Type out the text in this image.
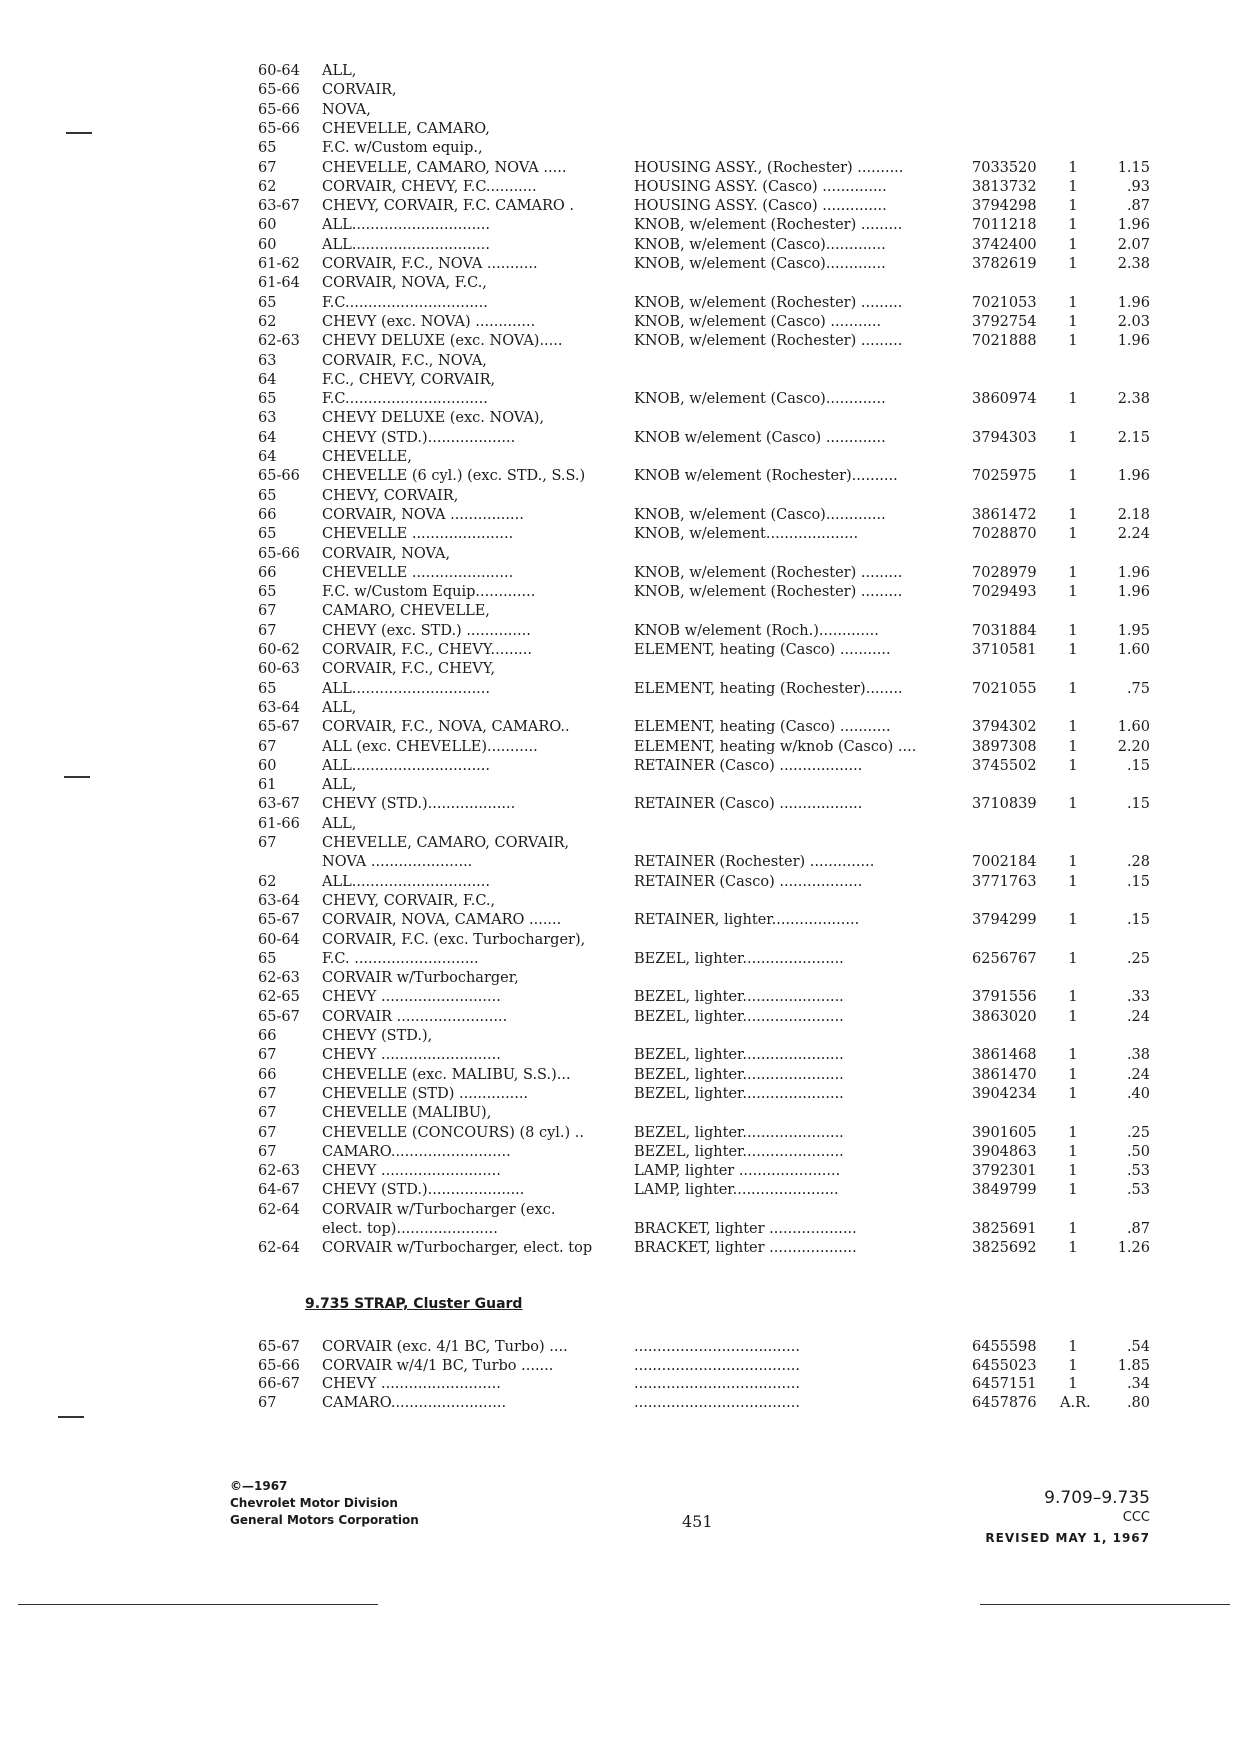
60-64	ALL,
65-66	CORVAIR,
65-66	NOVA,
65-66	CHEVELLE, CAMARO,
65	F.C. w/Custom equip.,
67	CHEVELLE, CAMARO, NOVA .....	HOUSING ASSY., (Rochester) ..........	7033520	1	1.15
62	CORVAIR, CHEVY, F.C...........	HOUSING ASSY. (Casco) ..............	3813732	1	.93
63-67	CHEVY, CORVAIR, F.C. CAMARO .	HOUSING ASSY. (Casco) ..............	3794298	1	.87
60	ALL..............................	KNOB, w/element (Rochester) .........	7011218	1	1.96
60	ALL..............................	KNOB, w/element (Casco).............	3742400	1	2.07
61-62	CORVAIR, F.C., NOVA ...........	KNOB, w/element (Casco).............	3782619	1	2.38
61-64	CORVAIR, NOVA, F.C.,
65	F.C...............................	KNOB, w/element (Rochester) .........	7021053	1	1.96
62	CHEVY (exc. NOVA) .............	KNOB, w/element (Casco) ...........	3792754	1	2.03
62-63	CHEVY DELUXE (exc. NOVA).....	KNOB, w/element (Rochester) .........	7021888	1	1.96
63	CORVAIR, F.C., NOVA,
64	F.C., CHEVY, CORVAIR,
65	F.C...............................	KNOB, w/element (Casco).............	3860974	1	2.38
63	CHEVY DELUXE (exc. NOVA),
64	CHEVY (STD.)...................	KNOB w/element (Casco) .............	3794303	1	2.15
64	CHEVELLE,
65-66	CHEVELLE (6 cyl.) (exc. STD., S.S.)	KNOB w/element (Rochester)..........	7025975	1	1.96
65	CHEVY, CORVAIR,
66	CORVAIR, NOVA ................	KNOB, w/element (Casco).............	3861472	1	2.18
65	CHEVELLE ......................	KNOB, w/element....................	7028870	1	2.24
65-66	CORVAIR, NOVA,
66	CHEVELLE ......................	KNOB, w/element (Rochester) .........	7028979	1	1.96
65	F.C. w/Custom Equip.............	KNOB, w/element (Rochester) .........	7029493	1	1.96
67	CAMARO, CHEVELLE,
67	CHEVY (exc. STD.) ..............	KNOB w/element (Roch.).............	7031884	1	1.95
60-62	CORVAIR, F.C., CHEVY.........	ELEMENT, heating (Casco) ...........	3710581	1	1.60
60-63	CORVAIR, F.C., CHEVY,
65	ALL..............................	ELEMENT, heating (Rochester)........	7021055	1	.75
63-64	ALL,
65-67	CORVAIR, F.C., NOVA, CAMARO..	ELEMENT, heating (Casco) ...........	3794302	1	1.60
67	ALL (exc. CHEVELLE)...........	ELEMENT, heating w/knob (Casco) ....	3897308	1	2.20
60	ALL..............................	RETAINER (Casco) ..................	3745502	1	.15
61	ALL,
63-67	CHEVY (STD.)...................	RETAINER (Casco) ..................	3710839	1	.15
61-66	ALL,
67	CHEVELLE, CAMARO, CORVAIR,
NOVA ......................	RETAINER (Rochester) ..............	7002184	1	.28
62	ALL..............................	RETAINER (Casco) ..................	3771763	1	.15
63-64	CHEVY, CORVAIR, F.C.,
65-67	CORVAIR, NOVA, CAMARO .......	RETAINER, lighter...................	3794299	1	.15
60-64	CORVAIR, F.C. (exc. Turbocharger),
65	F.C. ...........................	BEZEL, lighter......................	6256767	1	.25
62-63	CORVAIR w/Turbocharger,
62-65	CHEVY ..........................	BEZEL, lighter......................	3791556	1	.33
65-67	CORVAIR ........................	BEZEL, lighter......................	3863020	1	.24
66	CHEVY (STD.),
67	CHEVY ..........................	BEZEL, lighter......................	3861468	1	.38
66	CHEVELLE (exc. MALIBU, S.S.)...	BEZEL, lighter......................	3861470	1	.24
67	CHEVELLE (STD) ...............	BEZEL, lighter......................	3904234	1	.40
67	CHEVELLE (MALIBU),
67	CHEVELLE (CONCOURS) (8 cyl.) ..	BEZEL, lighter......................	3901605	1	.25
67	CAMARO..........................	BEZEL, lighter......................	3904863	1	.50
62-63	CHEVY ..........................	LAMP, lighter ......................	3792301	1	.53
64-67	CHEVY (STD.).....................	LAMP, lighter.......................	3849799	1	.53
62-64	CORVAIR w/Turbocharger (exc.
elect. top)......................	BRACKET, lighter ...................	3825691	1	.87
62-64	CORVAIR w/Turbocharger, elect. top	BRACKET, lighter ...................	3825692	1	1.26
9.735 STRAP, Cluster Guard
65-67	CORVAIR (exc. 4/1 BC, Turbo) ....	....................................	6455598	1	.54
65-66	CORVAIR w/4/1 BC, Turbo .......	....................................	6455023	1	1.85
66-67	CHEVY ..........................	....................................	6457151	1	.34
67	CAMARO.........................	....................................	6457876	A.R.	.80
©—1967
Chevrolet Motor Division
General Motors Corporation	451
9.709–9.735
CCC
REVISED MAY 1, 1967
